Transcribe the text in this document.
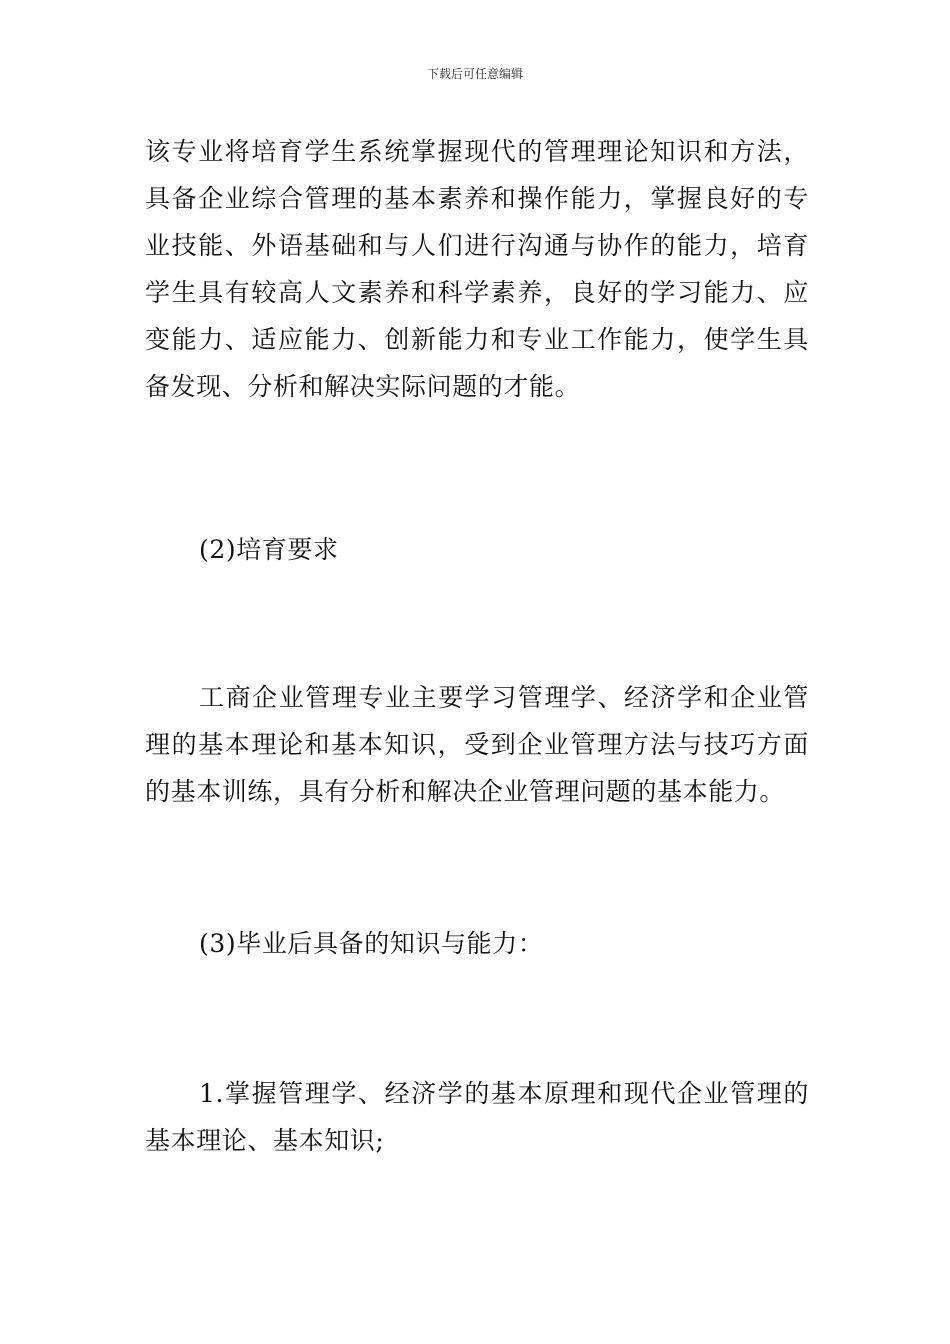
下载后可任意编辑

该专业将培育学生系统掌握现代的管理理论知识和方法，具备企业综合管理的基本素养和操作能力，掌握良好的专业技能、外语基础和与人们进行沟通与协作的能力，培育学生具有较高人文素养和科学素养，良好的学习能力、应变能力、适应能力、创新能力和专业工作能力，使学生具备发现、分析和解决实际问题的才能。

(2)培育要求

工商企业管理专业主要学习管理学、经济学和企业管理的基本理论和基本知识，受到企业管理方法与技巧方面的基本训练，具有分析和解决企业管理问题的基本能力。

(3)毕业后具备的知识与能力：

1.掌握管理学、经济学的基本原理和现代企业管理的基本理论、基本知识;
